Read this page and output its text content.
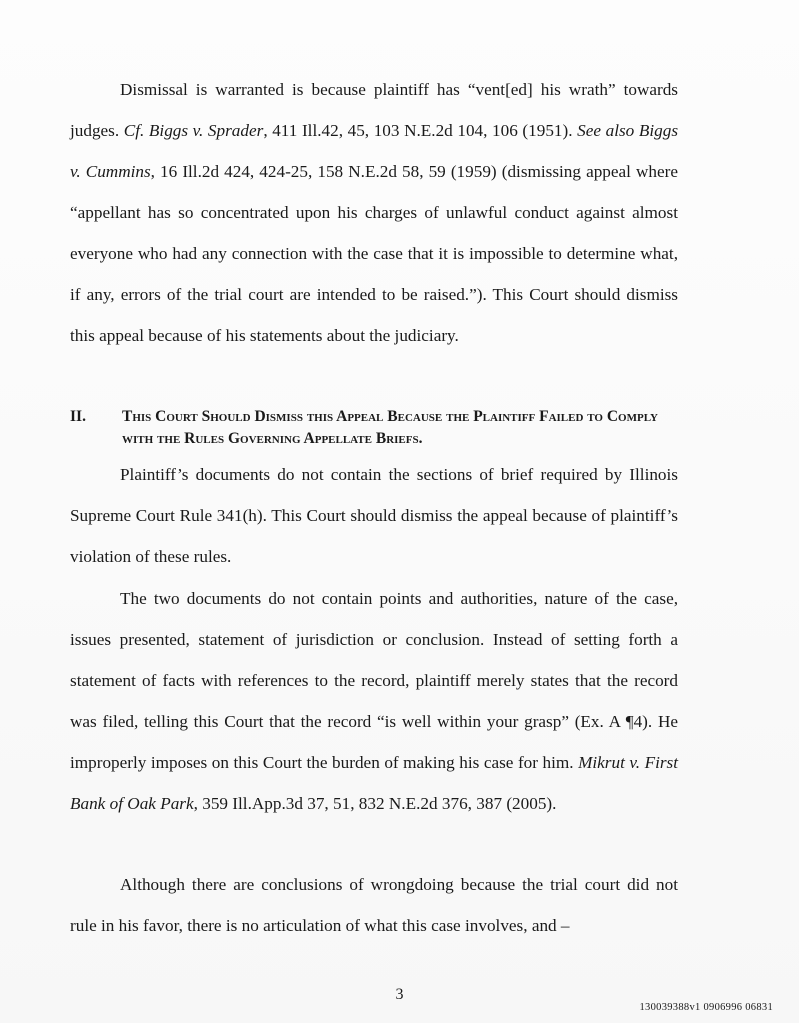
Dismissal is warranted is because plaintiff has “vent[ed] his wrath” towards judges. Cf. Biggs v. Sprader, 411 Ill.42, 45, 103 N.E.2d 104, 106 (1951). See also Biggs v. Cummins, 16 Ill.2d 424, 424-25, 158 N.E.2d 58, 59 (1959) (dismissing appeal where “appellant has so concentrated upon his charges of unlawful conduct against almost everyone who had any connection with the case that it is impossible to determine what, if any, errors of the trial court are intended to be raised.”). This Court should dismiss this appeal because of his statements about the judiciary.

II. This Court Should Dismiss this Appeal Because the Plaintiff Failed to Comply with the Rules Governing Appellate Briefs.

Plaintiff’s documents do not contain the sections of brief required by Illinois Supreme Court Rule 341(h). This Court should dismiss the appeal because of plaintiff’s violation of these rules.

The two documents do not contain points and authorities, nature of the case, issues presented, statement of jurisdiction or conclusion. Instead of setting forth a statement of facts with references to the record, plaintiff merely states that the record was filed, telling this Court that the record “is well within your grasp” (Ex. A ¶4). He improperly imposes on this Court the burden of making his case for him. Mikrut v. First Bank of Oak Park, 359 Ill.App.3d 37, 51, 832 N.E.2d 376, 387 (2005).

Although there are conclusions of wrongdoing because the trial court did not rule in his favor, there is no articulation of what this case involves, and –

3
130039388v1 0906996 06831
